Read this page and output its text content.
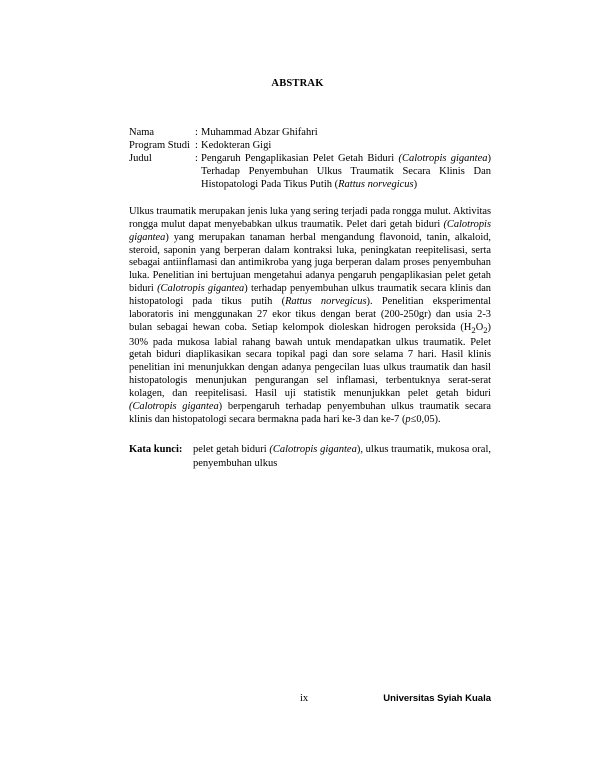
ABSTRAK
Nama	: Muhammad Abzar Ghifahri
Program Studi : Kedokteran Gigi
Judul	: Pengaruh Pengaplikasian Pelet Getah Biduri (Calotropis gigantea) Terhadap Penyembuhan Ulkus Traumatik Secara Klinis Dan Histopatologi Pada Tikus Putih (Rattus norvegicus)

Ulkus traumatik merupakan jenis luka yang sering terjadi pada rongga mulut. Aktivitas rongga mulut dapat menyebabkan ulkus traumatik. Pelet dari getah biduri (Calotropis gigantea) yang merupakan tanaman herbal mengandung flavonoid, tanin, alkaloid, steroid, saponin yang berperan dalam kontraksi luka, peningkatan reepitelisasi, serta sebagai antiinflamasi dan antimikroba yang juga berperan dalam proses penyembuhan luka. Penelitian ini bertujuan mengetahui adanya pengaruh pengaplikasian pelet getah biduri (Calotropis gigantea) terhadap penyembuhan ulkus traumatik secara klinis dan histopatologi pada tikus putih (Rattus norvegicus). Penelitian eksperimental laboratoris ini menggunakan 27 ekor tikus dengan berat (200-250gr) dan usia 2-3 bulan sebagai hewan coba. Setiap kelompok dioleskan hidrogen peroksida $(H_2O_2)$ 30% pada mukosa labial rahang bawah untuk mendapatkan ulkus traumatik. Pelet getah biduri diaplikasikan secara topikal pagi dan sore selama 7 hari. Hasil klinis penelitian ini menunjukkan dengan adanya pengecilan luas ulkus traumatik dan hasil histopatologis menunjukan pengurangan sel inflamasi, terbentuknya serat-serat kolagen, dan reepitelisasi. Hasil uji statistik menunjukkan pelet getah biduri (Calotropis gigantea) berpengaruh terhadap penyembuhan ulkus traumatik secara klinis dan histopatologi secara bermakna pada hari ke-3 dan ke-7 (p≤0,05).

Kata kunci:	pelet getah biduri (Calotropis gigantea), ulkus traumatik, mukosa oral, penyembuhan ulkus
ix	Universitas Syiah Kuala
